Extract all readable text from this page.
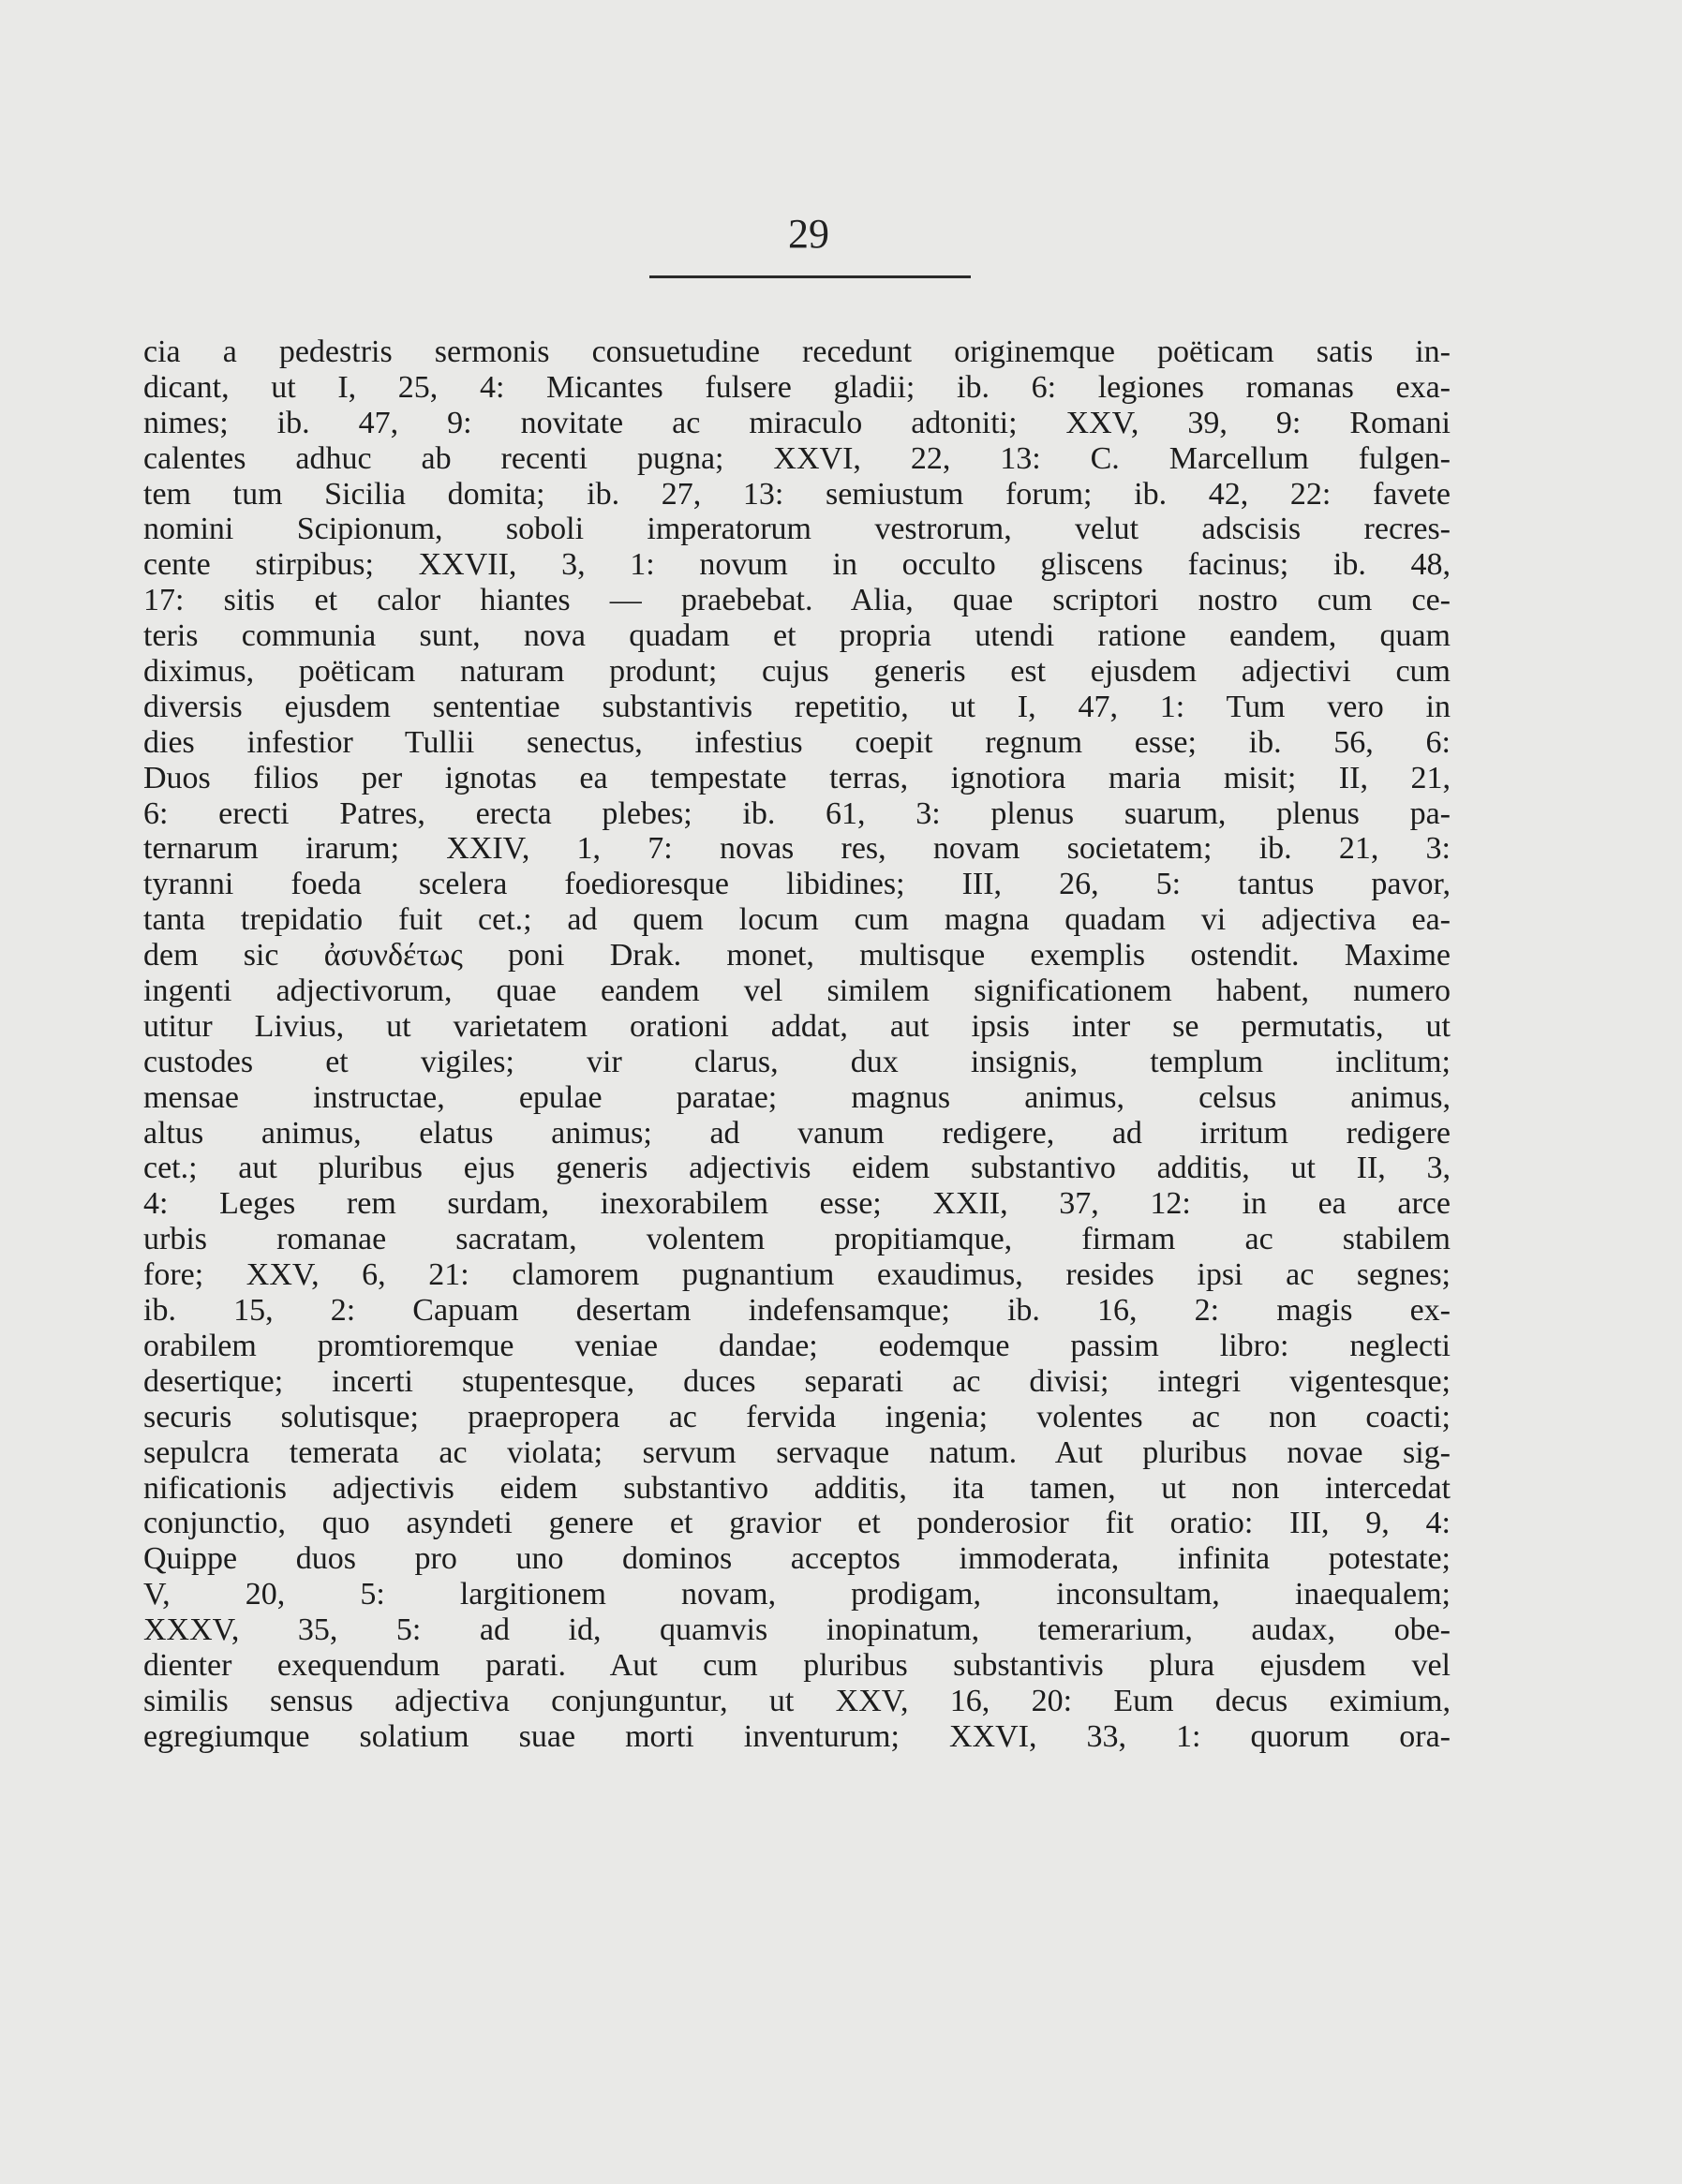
29
cia a pedestris sermonis consuetudine recedunt originemque poëticam satis in-
dicant, ut I, 25, 4: Micantes fulsere gladii; ib. 6: legiones romanas exa-
nimes; ib. 47, 9: novitate ac miraculo adtoniti; XXV, 39, 9: Romani
calentes adhuc ab recenti pugna; XXVI, 22, 13: C. Marcellum fulgen-
tem tum Sicilia domita; ib. 27, 13: semiustum forum; ib. 42, 22: favete
nomini Scipionum, soboli imperatorum vestrorum, velut adscisis recres-
cente stirpibus; XXVII, 3, 1: novum in occulto gliscens facinus; ib. 48,
17: sitis et calor hiantes — praebebat. Alia, quae scriptori nostro cum ce-
teris communia sunt, nova quadam et propria utendi ratione eandem, quam
diximus, poëticam naturam produnt; cujus generis est ejusdem adjectivi cum
diversis ejusdem sententiae substantivis repetitio, ut I, 47, 1: Tum vero in
dies infestior Tullii senectus, infestius coepit regnum esse; ib. 56, 6:
Duos filios per ignotas ea tempestate terras, ignotiora maria misit; II, 21,
6: erecti Patres, erecta plebes; ib. 61, 3: plenus suarum, plenus pa-
ternarum irarum; XXIV, 1, 7: novas res, novam societatem; ib. 21, 3:
tyranni foeda scelera foedioresque libidines; III, 26, 5: tantus pavor,
tanta trepidatio fuit cet.; ad quem locum cum magna quadam vi adjectiva ea-
dem sic ἀσυνδέτως poni Drak. monet, multisque exemplis ostendit. Maxime
ingenti adjectivorum, quae eandem vel similem significationem habent, numero
utitur Livius, ut varietatem orationi addat, aut ipsis inter se permutatis, ut
custodes et vigiles; vir clarus, dux insignis, templum inclitum;
mensae instructae, epulae paratae; magnus animus, celsus animus,
altus animus, elatus animus; ad vanum redigere, ad irritum redigere
cet.; aut pluribus ejus generis adjectivis eidem substantivo additis, ut II, 3,
4: Leges rem surdam, inexorabilem esse; XXII, 37, 12: in ea arce
urbis romanae sacratam, volentem propitiamque, firmam ac stabilem
fore; XXV, 6, 21: clamorem pugnantium exaudimus, resides ipsi ac segnes;
ib. 15, 2: Capuam desertam indefensamque; ib. 16, 2: magis ex-
orabilem promtioremque veniae dandae; eodemque passim libro: neglecti
desertique; incerti stupentesque, duces separati ac divisi; integri vigentesque;
securis solutisque; praepropera ac fervida ingenia; volentes ac non coacti;
sepulcra temerata ac violata; servum servaque natum. Aut pluribus novae sig-
nificationis adjectivis eidem substantivo additis, ita tamen, ut non intercedat
conjunctio, quo asyndeti genere et gravior et ponderosior fit oratio: III, 9, 4:
Quippe duos pro uno dominos acceptos immoderata, infinita potestate;
V, 20, 5: largitionem novam, prodigam, inconsultam, inaequalem;
XXXV, 35, 5: ad id, quamvis inopinatum, temerarium, audax, obe-
dienter exequendum parati. Aut cum pluribus substantivis plura ejusdem vel
similis sensus adjectiva conjunguntur, ut XXV, 16, 20: Eum decus eximium,
egregiumque solatium suae morti inventurum; XXVI, 33, 1: quorum ora-
